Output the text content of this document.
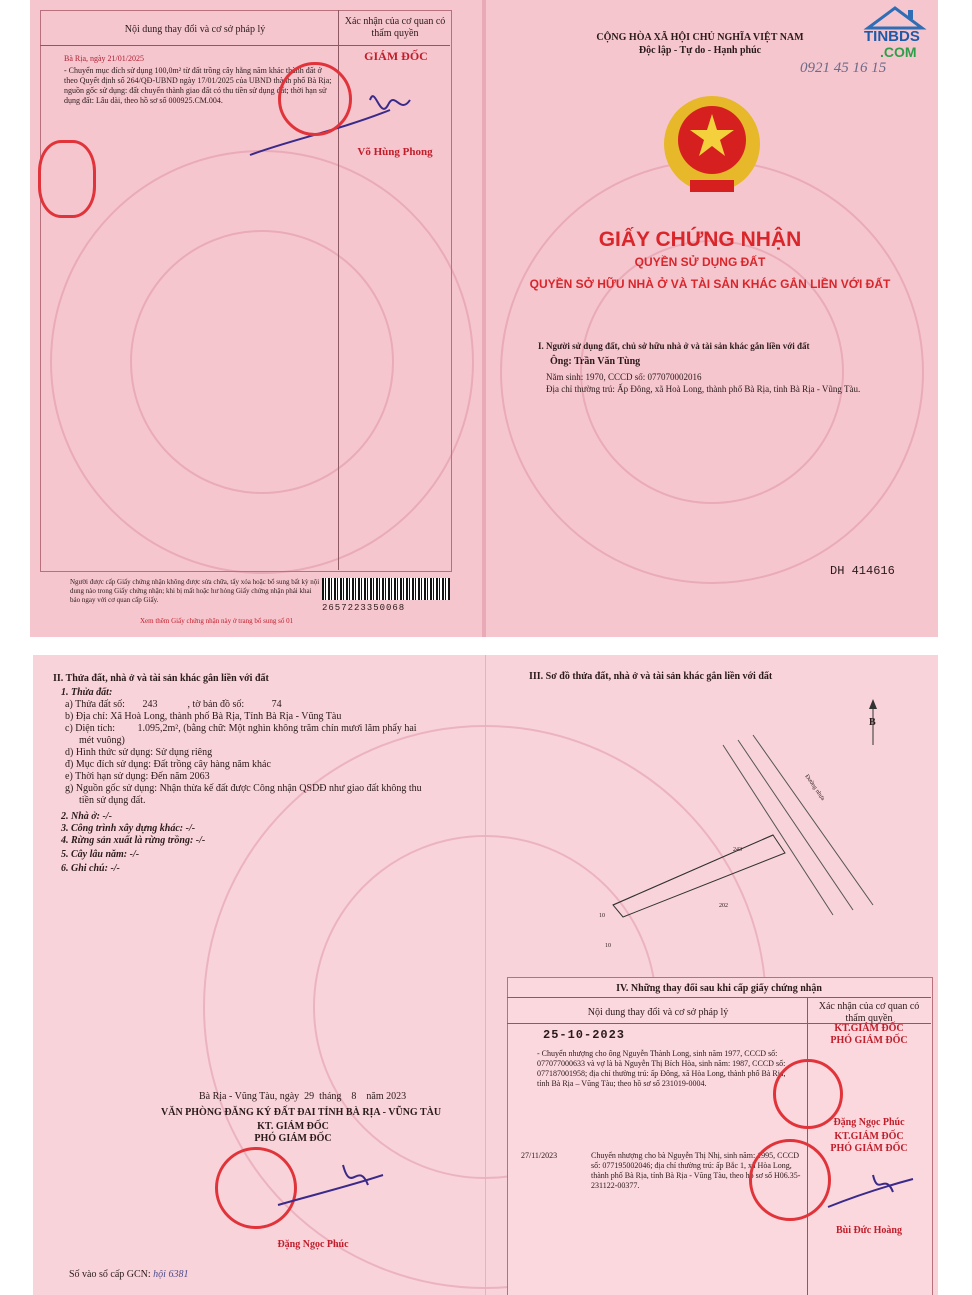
Nội dung thay đổi và cơ sở pháp lý
Xác nhận của cơ quan có thẩm quyền
Bà Rịa, ngày 21/01/2025
- Chuyển mục đích sử dụng 100,0m² từ đất trồng cây hằng năm khác thành đất ở theo Quyết định số 264/QĐ-UBND ngày 17/01/2025 của UBND thành phố Bà Rịa; nguồn gốc sử dụng: đất chuyển thành giao đất có thu tiền sử dụng đất; thời hạn sử dụng đất: Lâu dài, theo hồ sơ số 000925.CM.004.
GIÁM ĐỐC
Võ Hùng Phong
Người được cấp Giấy chứng nhận không được sửa chữa, tẩy xóa hoặc bổ sung bất kỳ nội dung nào trong Giấy chứng nhận; khi bị mất hoặc hư hỏng Giấy chứng nhận phải khai báo ngay với cơ quan cấp Giấy.
Xem thêm Giấy chứng nhận này ở trang bổ sung số 01
2657223350068
CỘNG HÒA XÃ HỘI CHỦ NGHĨA VIỆT NAM
Độc lập - Tự do - Hạnh phúc
0921 45 16 15
GIẤY CHỨNG NHẬN
QUYỀN SỬ DỤNG ĐẤT
QUYỀN SỞ HỮU NHÀ Ở VÀ TÀI SẢN KHÁC GẮN LIỀN VỚI ĐẤT
I. Người sử dụng đất, chủ sở hữu nhà ở và tài sản khác gắn liền với đất
Ông: Trần Văn Tùng
Năm sinh: 1970, CCCD số: 077070002016
Địa chỉ thường trú: Ấp Đông, xã Hoà Long, thành phố Bà Rịa, tỉnh Bà Rịa - Vũng Tàu.
DH 414616
TINBDS
.COM
II. Thửa đất, nhà ở và tài sản khác gắn liền với đất
1. Thửa đất:
a) Thửa đất số:       243            , tờ bản đồ số:           74
b) Địa chỉ: Xã Hoà Long, thành phố Bà Rịa, Tỉnh Bà Rịa - Vũng Tàu
c) Diện tích:         1.095,2m², (bằng chữ: Một nghìn không trăm chín mươi lăm phẩy hai
mét vuông)
d) Hình thức sử dụng: Sử dụng riêng
đ) Mục đích sử dụng: Đất trồng cây hàng năm khác
e) Thời hạn sử dụng: Đến năm 2063
g) Nguồn gốc sử dụng: Nhận thừa kế đất được Công nhận QSDĐ như giao đất không thu
tiền sử dụng đất.
2. Nhà ở: -/-
3. Công trình xây dựng khác: -/-
4. Rừng sản xuất là rừng trồng: -/-
5. Cây lâu năm: -/-
6. Ghi chú: -/-
Bà Rịa - Vũng Tàu, ngày  29  tháng    8    năm 2023
VĂN PHÒNG ĐĂNG KÝ ĐẤT ĐAI TỈNH BÀ RỊA - VŨNG TÀU
KT. GIÁM ĐỐC
PHÓ GIÁM ĐỐC
Đặng Ngọc Phúc
Số vào sổ cấp GCN: hội 6381
III. Sơ đồ thửa đất, nhà ở và tài sản khác gắn liền với đất
B
Đường nhựa
243
202
10
10
IV. Những thay đổi sau khi cấp giấy chứng nhận
Nội dung thay đổi và cơ sở pháp lý
Xác nhận của cơ quan có thẩm quyền
25-10-2023
- Chuyển nhượng cho ông Nguyễn Thành Long, sinh năm 1977, CCCD số: 077077000633 và vợ là bà Nguyễn Thị Bích Hòa, sinh năm: 1987, CCCD số: 077187001958; địa chỉ thường trú: ấp Đông, xã Hòa Long, thành phố Bà Rịa, tỉnh Bà Rịa – Vũng Tàu; theo hồ sơ số 231019-0004.
KT.GIÁM ĐỐC
PHÓ GIÁM ĐỐC
Đặng Ngọc Phúc
27/11/2023	Chuyển nhượng cho bà Nguyễn Thị Nhị, sinh năm: 1995, CCCD số: 077195002046; địa chỉ thường trú: ấp Bắc 1, xã Hòa Long, thành phố Bà Rịa, tỉnh Bà Rịa - Vũng Tàu, theo hồ sơ số H06.35-231122-00377.
KT.GIÁM ĐỐC
PHÓ GIÁM ĐỐC
Bùi Đức Hoàng
